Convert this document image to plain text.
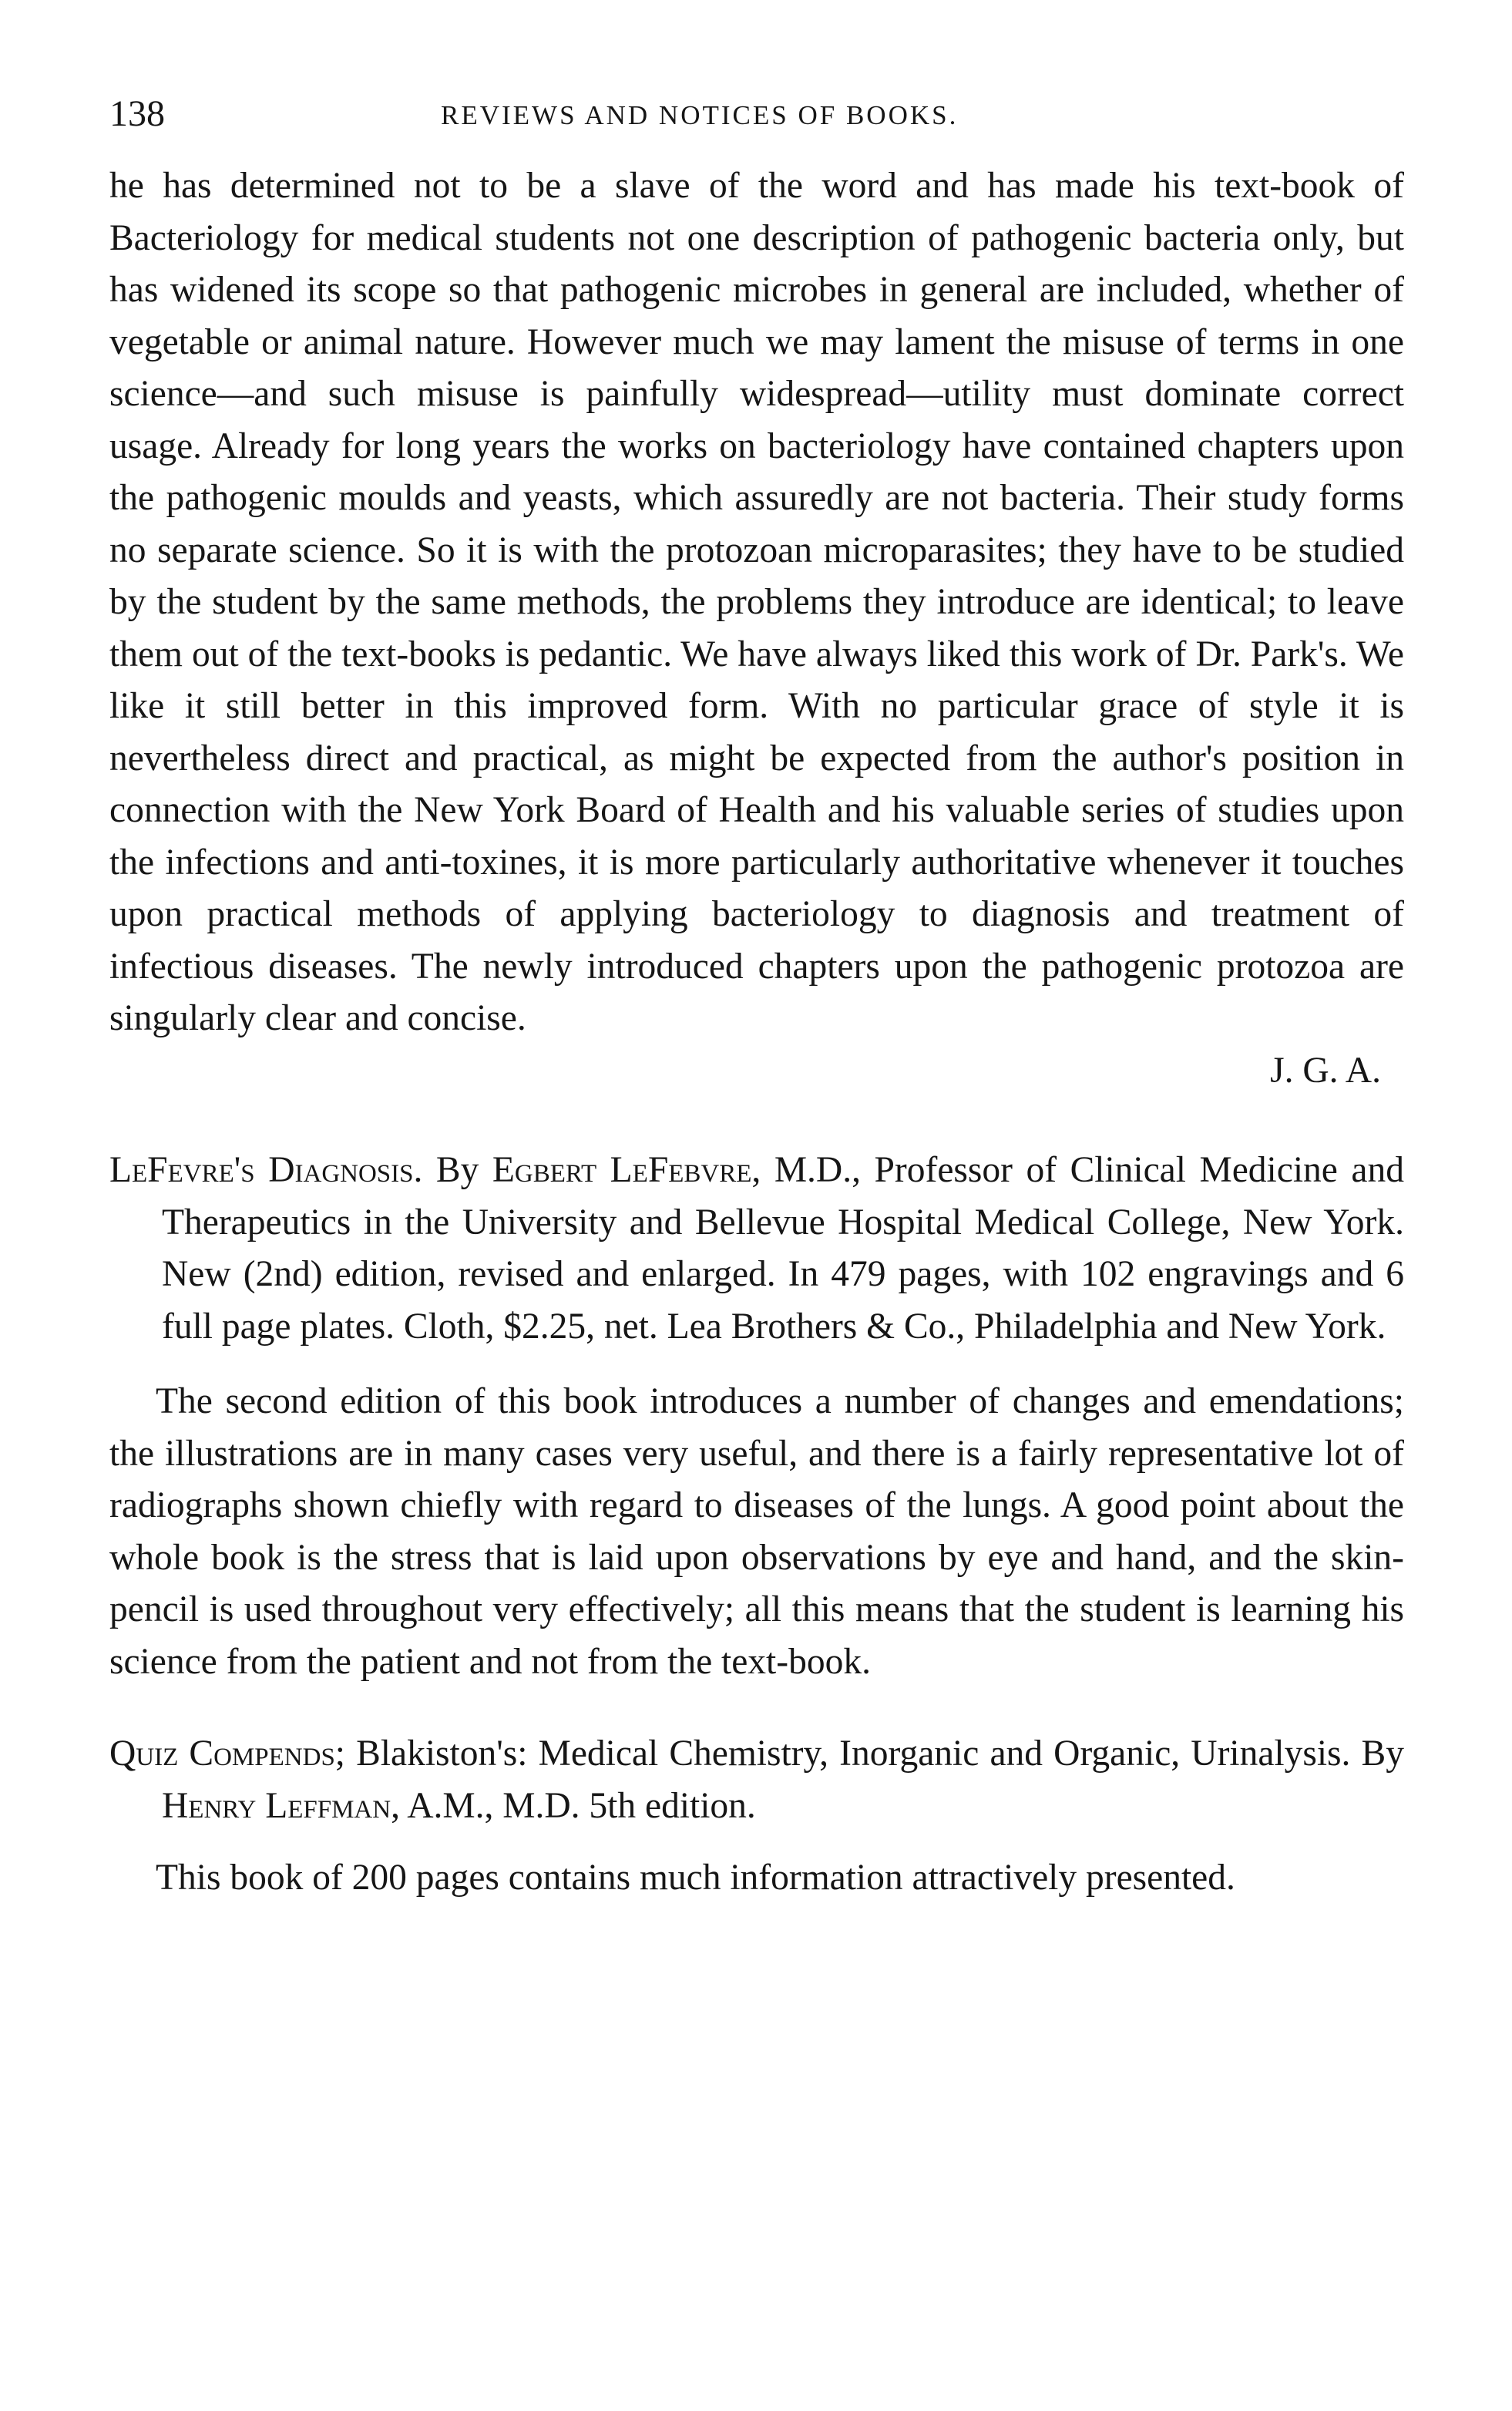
138	REVIEWS AND NOTICES OF BOOKS.

he has determined not to be a slave of the word and has made his text-book of Bacteriology for medical students not one description of pathogenic bacteria only, but has widened its scope so that pathogenic microbes in general are included, whether of vegetable or animal nature. However much we may lament the misuse of terms in one science—and such misuse is painfully widespread—utility must dominate correct usage. Already for long years the works on bacteriology have contained chapters upon the pathogenic moulds and yeasts, which assuredly are not bacteria. Their study forms no separate science. So it is with the protozoan microparasites; they have to be studied by the student by the same methods, the problems they introduce are identical; to leave them out of the text-books is pedantic. We have always liked this work of Dr. Park's. We like it still better in this improved form. With no particular grace of style it is nevertheless direct and practical, as might be expected from the author's position in connection with the New York Board of Health and his valuable series of studies upon the infections and anti-toxines, it is more particularly authoritative whenever it touches upon practical methods of applying bacteriology to diagnosis and treatment of infectious diseases. The newly introduced chapters upon the pathogenic protozoa are singularly clear and concise.

J. G. A.

LeFevre's Diagnosis. By Egbert LeFebvre, M.D., Professor of Clinical Medicine and Therapeutics in the University and Bellevue Hospital Medical College, New York. New (2nd) edition, revised and enlarged. In 479 pages, with 102 engravings and 6 full page plates. Cloth, $2.25, net. Lea Brothers & Co., Philadelphia and New York.

The second edition of this book introduces a number of changes and emendations; the illustrations are in many cases very useful, and there is a fairly representative lot of radiographs shown chiefly with regard to diseases of the lungs. A good point about the whole book is the stress that is laid upon observations by eye and hand, and the skin-pencil is used throughout very effectively; all this means that the student is learning his science from the patient and not from the text-book.

Quiz Compends; Blakiston's: Medical Chemistry, Inorganic and Organic, Urinalysis. By Henry Leffman, A.M., M.D. 5th edition.

This book of 200 pages contains much information attractively presented.
